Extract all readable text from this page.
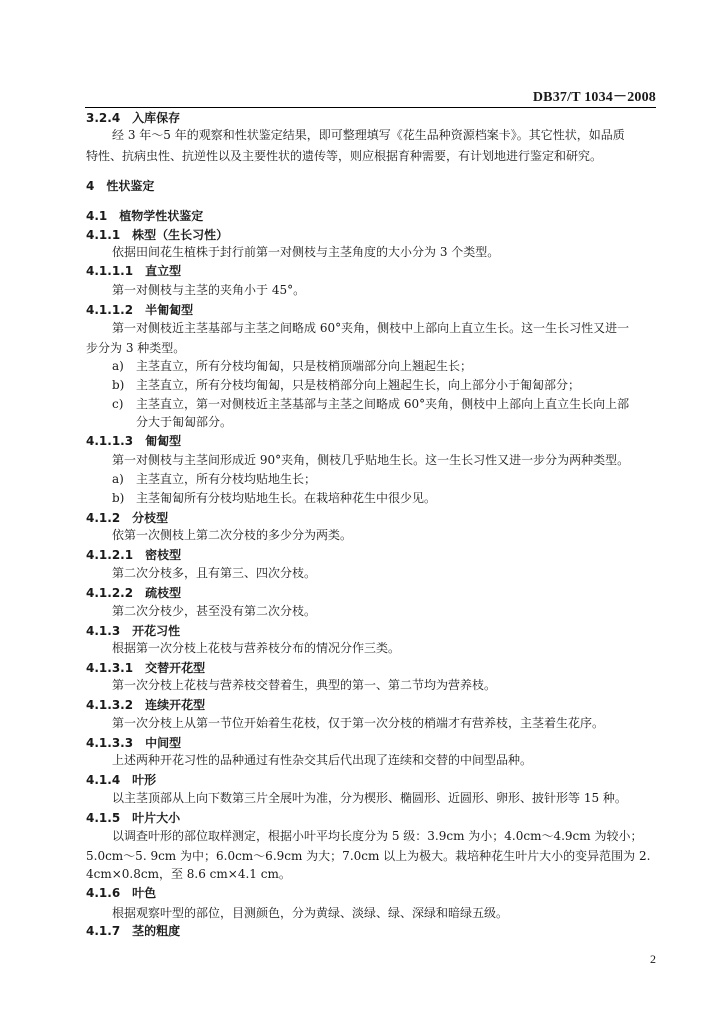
DB37/T 1034－2008
3.2.4 入库保存
经 3 年～5 年的观察和性状鉴定结果，即可整理填写《花生品种资源档案卡》。其它性状，如品质
特性、抗病虫性、抗逆性以及主要性状的遗传等，则应根据育种需要，有计划地进行鉴定和研究。
4 性状鉴定
4.1 植物学性状鉴定
4.1.1 株型（生长习性）
依据田间花生植株于封行前第一对侧枝与主茎角度的大小分为 3 个类型。
4.1.1.1 直立型
第一对侧枝与主茎的夹角小于 45°。
4.1.1.2 半匍匐型
第一对侧枝近主茎基部与主茎之间略成 60°夹角，侧枝中上部向上直立生长。这一生长习性又进一
步分为 3 种类型。
a) 主茎直立，所有分枝均匍匐，只是枝梢顶端部分向上翘起生长；
b) 主茎直立，所有分枝均匍匐，只是枝梢部分向上翘起生长，向上部分小于匍匐部分；
c) 主茎直立，第一对侧枝近主茎基部与主茎之间略成 60°夹角，侧枝中上部向上直立生长向上部
分大于匍匐部分。
4.1.1.3 匍匐型
第一对侧枝与主茎间形成近 90°夹角，侧枝几乎贴地生长。这一生长习性又进一步分为两种类型。
a) 主茎直立，所有分枝均贴地生长；
b) 主茎匍匐所有分枝均贴地生长。在栽培种花生中很少见。
4.1.2 分枝型
依第一次侧枝上第二次分枝的多少分为两类。
4.1.2.1 密枝型
第二次分枝多，且有第三、四次分枝。
4.1.2.2 疏枝型
第二次分枝少，甚至没有第二次分枝。
4.1.3 开花习性
根据第一次分枝上花枝与营养枝分布的情况分作三类。
4.1.3.1 交替开花型
第一次分枝上花枝与营养枝交替着生，典型的第一、第二节均为营养枝。
4.1.3.2 连续开花型
第一次分枝上从第一节位开始着生花枝，仅于第一次分枝的梢端才有营养枝，主茎着生花序。
4.1.3.3 中间型
上述两种开花习性的品种通过有性杂交其后代出现了连续和交替的中间型品种。
4.1.4 叶形
以主茎顶部从上向下数第三片全展叶为准，分为楔形、椭圆形、近圆形、卵形、披针形等 15 种。
4.1.5 叶片大小
以调查叶形的部位取样测定，根据小叶平均长度分为 5 级：3.9cm 为小；4.0cm～4.9cm 为较小；
5.0cm～5. 9cm 为中；6.0cm～6.9cm 为大；7.0cm 以上为极大。栽培种花生叶片大小的变异范围为 2.
4cm×0.8cm，至 8.6 cm×4.1 cm。
4.1.6 叶色
根据观察叶型的部位，目测颜色，分为黄绿、淡绿、绿、深绿和暗绿五级。
4.1.7 茎的粗度
2
